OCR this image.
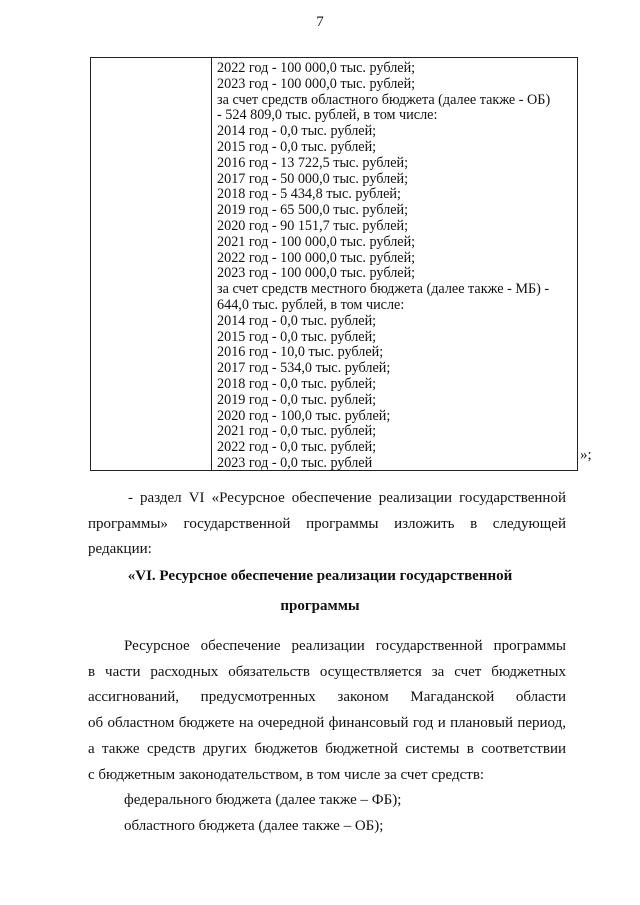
7
2022 год - 100 000,0 тыс. рублей;
2023 год - 100 000,0 тыс. рублей;
за счет средств областного бюджета (далее также - ОБ)
- 524 809,0 тыс. рублей, в том числе:
2014 год - 0,0 тыс. рублей;
2015 год - 0,0 тыс. рублей;
2016 год - 13 722,5 тыс. рублей;
2017 год - 50 000,0 тыс. рублей;
2018 год - 5 434,8 тыс. рублей;
2019 год - 65 500,0 тыс. рублей;
2020 год - 90 151,7 тыс. рублей;
2021 год - 100 000,0 тыс. рублей;
2022 год - 100 000,0 тыс. рублей;
2023 год - 100 000,0 тыс. рублей;
за счет средств местного бюджета (далее также - МБ) -
644,0 тыс. рублей, в том числе:
2014 год - 0,0 тыс. рублей;
2015 год - 0,0 тыс. рублей;
2016 год - 10,0 тыс. рублей;
2017 год - 534,0 тыс. рублей;
2018 год - 0,0 тыс. рублей;
2019 год - 0,0 тыс. рублей;
2020 год - 100,0 тыс. рублей;
2021 год - 0,0 тыс. рублей;
2022 год - 0,0 тыс. рублей;
2023 год - 0,0 тыс. рублей	»;
- раздел VI «Ресурсное обеспечение реализации государственной
программы» государственной программы изложить в следующей
редакции:
«VI. Ресурсное обеспечение реализации государственной
программы
Ресурсное обеспечение реализации государственной программы
в части расходных обязательств осуществляется за счет бюджетных
ассигнований, предусмотренных законом Магаданской области
об областном бюджете на очередной финансовый год и плановый период,
а также средств других бюджетов бюджетной системы в соответствии
с бюджетным законодательством, в том числе за счет средств:
федерального бюджета (далее также – ФБ);
областного бюджета (далее также – ОБ);
